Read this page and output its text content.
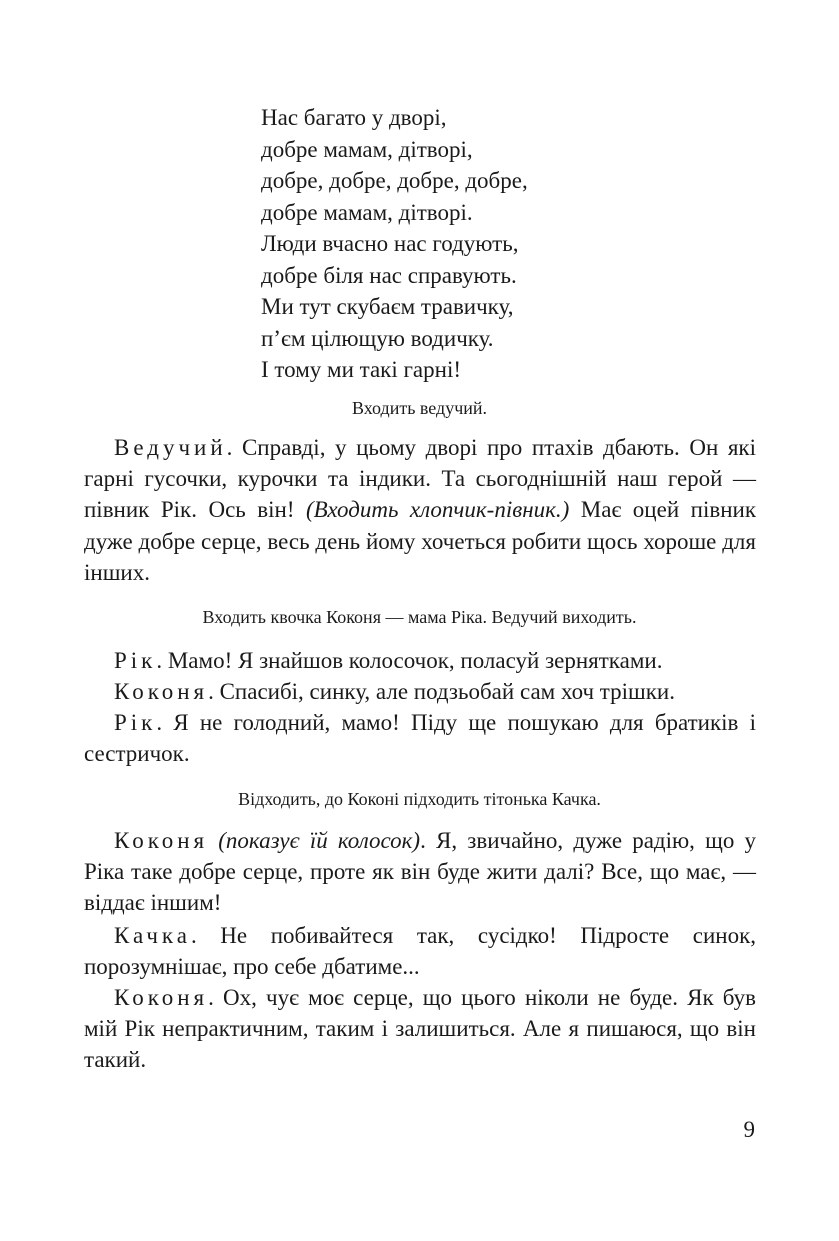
Нас багато у дворі,
добре мамам, дітворі,
добре, добре, добре, добре,
добре мамам, дітворі.
Люди вчасно нас годують,
добре біля нас справують.
Ми тут скубаєм травичку,
п’єм цілющую водичку.
І тому ми такі гарні!
Входить ведучий.
Ведучий. Справді, у цьому дворі про птахів дбають. Он які гарні гусочки, курочки та індики. Та сьогоднішній наш герой — півник Рік. Ось він! (Входить хлопчик-півник.) Має оцей півник дуже добре серце, весь день йому хочеться робити щось хороше для інших.
Входить квочка Коконя — мама Ріка. Ведучий виходить.
Рік. Мамо! Я знайшов колосочок, поласуй зернятками.
Коконя. Спасибі, синку, але подзьобай сам хоч трішки.
Рік. Я не голодний, мамо! Піду ще пошукаю для братиків і сестричок.
Відходить, до Коконі підходить тітонька Качка.
Коконя (показує їй колосок). Я, звичайно, дуже радію, що у Ріка таке добре серце, проте як він буде жити далі? Все, що має, — віддає іншим!
Качка. Не побивайтеся так, сусідко! Підросте синок, порозумнішає, про себе дбатиме...
Коконя. Ох, чує моє серце, що цього ніколи не буде. Як був мій Рік непрактичним, таким і залишиться. Але я пишаюся, що він такий.
9
